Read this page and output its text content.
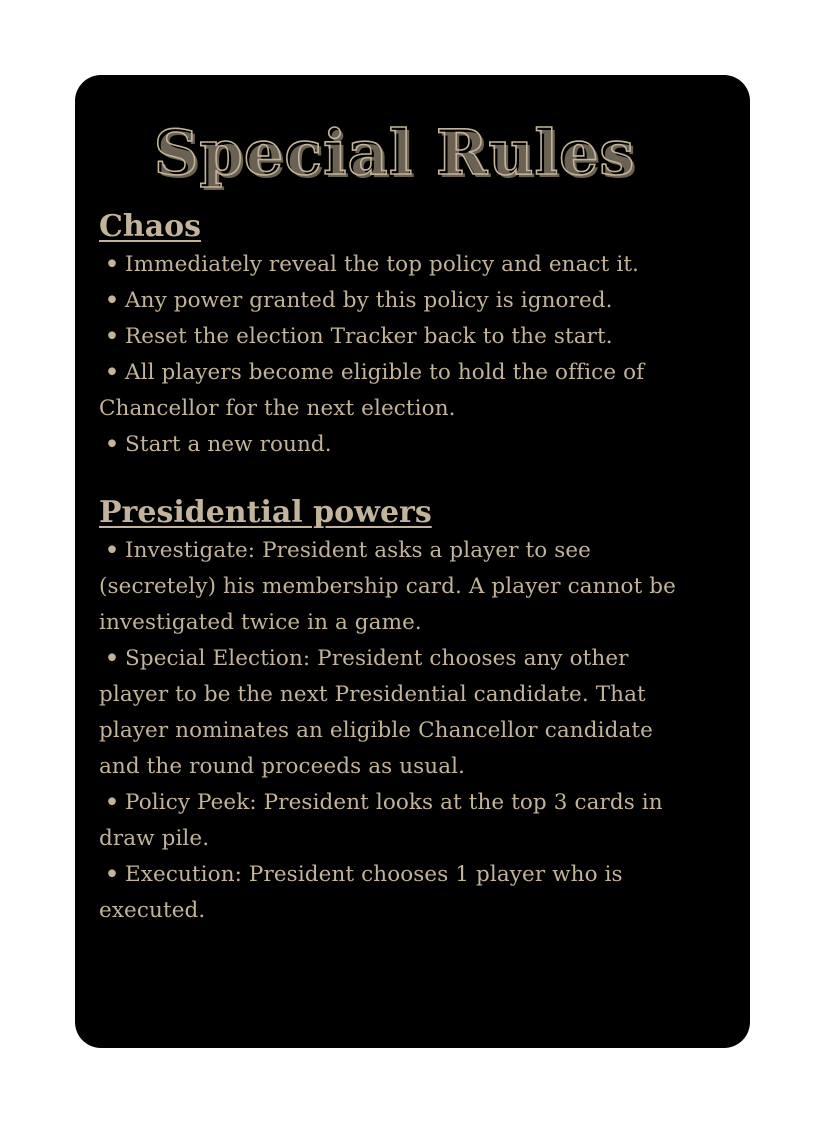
Special Rules
Chaos
• Immediately reveal the top policy and enact it.
• Any power granted by this policy is ignored.
• Reset the election Tracker back to the start.
• All players become eligible to hold the office of Chancellor for the next election.
• Start a new round.
Presidential powers
• Investigate: President asks a player to see (secretely) his membership card. A player cannot be investigated twice in a game.
• Special Election: President chooses any other player to be the next Presidential candidate. That player nominates an eligible Chancellor candidate and the round proceeds as usual.
• Policy Peek: President looks at the top 3 cards in draw pile.
• Execution: President chooses 1 player who is executed.
